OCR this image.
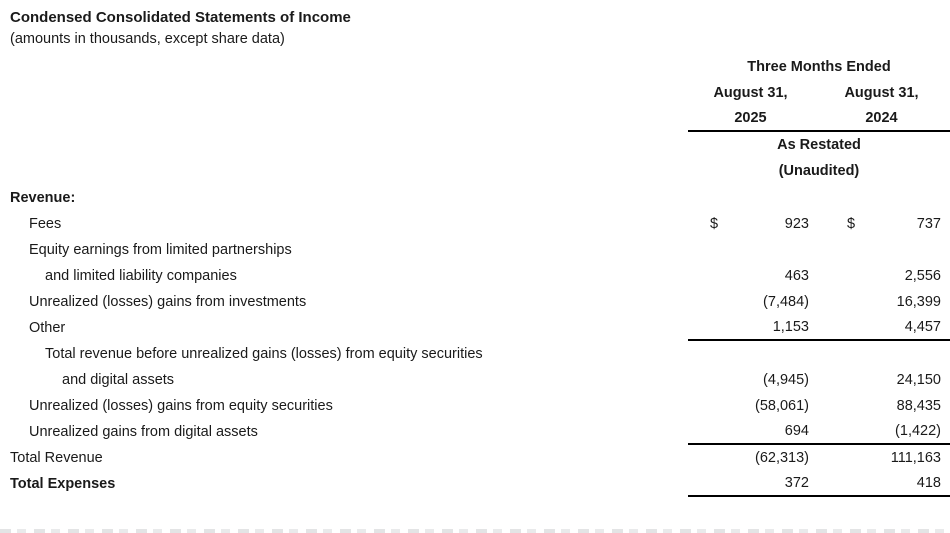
Condensed Consolidated Statements of Income
(amounts in thousands, except share data)
Three Months Ended
August 31,	August 31,
2025	2024
As Restated
(Unaudited)
Revenue:
Fees	$	923	$	737
Equity earnings from limited partnerships
and limited liability companies	463	2,556
Unrealized (losses) gains from investments	(7,484)	16,399
Other	1,153	4,457
Total revenue before unrealized gains (losses) from equity securities
and digital assets	(4,945)	24,150
Unrealized (losses) gains from equity securities	(58,061)	88,435
Unrealized gains from digital assets	694	(1,422)
Total Revenue	(62,313)	111,163
Total Expenses	372	418
